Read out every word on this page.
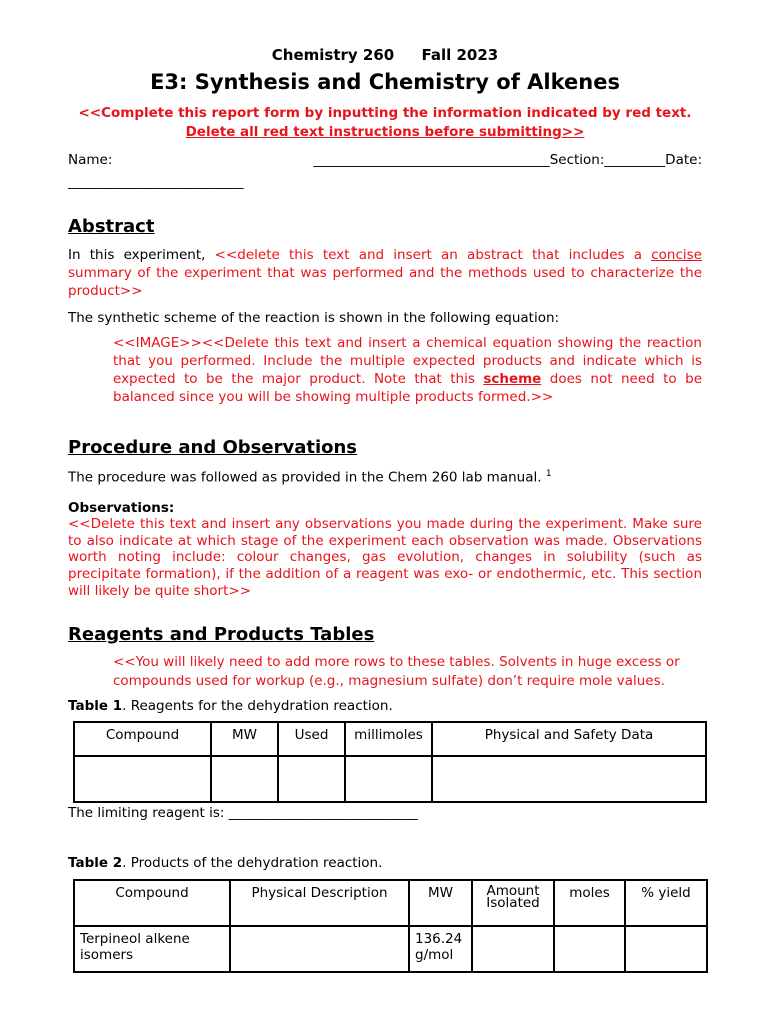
Chemistry 260 Fall 2023
E3: Synthesis and Chemistry of Alkenes
<<Complete this report form by inputting the information indicated by red text.
Delete all red text instructions before submitting>>
Name:	___________________________________Section:_________Date:
__________________________
Abstract
In this experiment, <<delete this text and insert an abstract that includes a concise summary of the experiment that was performed and the methods used to characterize the product>>
The synthetic scheme of the reaction is shown in the following equation:
<<IMAGE>><<Delete this text and insert a chemical equation showing the reaction that you performed. Include the multiple expected products and indicate which is expected to be the major product. Note that this scheme does not need to be balanced since you will be showing multiple products formed.>>
Procedure and Observations
The procedure was followed as provided in the Chem 260 lab manual. $^1$
Observations:
<<Delete this text and insert any observations you made during the experiment. Make sure to also indicate at which stage of the experiment each observation was made. Observations worth noting include: colour changes, gas evolution, changes in solubility (such as precipitate formation), if the addition of a reagent was exo- or endothermic, etc. This section will likely be quite short>>
Reagents and Products Tables
<<You will likely need to add more rows to these tables. Solvents in huge excess or compounds used for workup (e.g., magnesium sulfate) don’t require mole values.
Table 1. Reagents for the dehydration reaction.
Compound	MW	Used	millimoles	Physical and Safety Data

The limiting reagent is: ____________________________
Table 2. Products of the dehydration reaction.
Compound	Physical Description	MW	Amount Isolated	moles	% yield
Terpineol alkene isomers		136.24 g/mol			
